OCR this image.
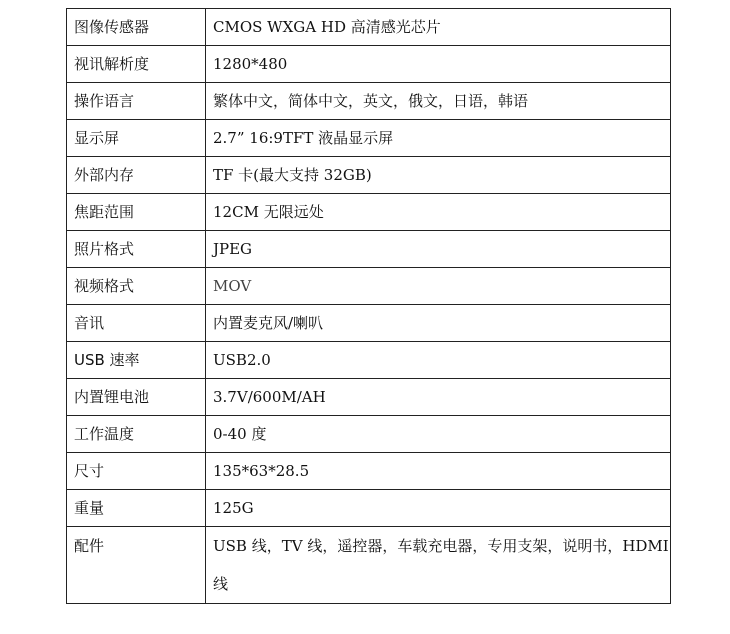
图像传感器	CMOS WXGA HD 高清感光芯片
视讯解析度	1280*480
操作语言	繁体中文，简体中文，英文，俄文，日语，韩语
显示屏	2.7” 16:9TFT 液晶显示屏
外部内存	TF 卡(最大支持 32GB)
焦距范围	12CM 无限远处
照片格式	JPEG
视频格式	MOV
音讯	内置麦克风/喇叭
USB 速率	USB2.0
内置锂电池	3.7V/600M/AH
工作温度	0-40 度
尺寸	135*63*28.5
重量	125G
配件	USB 线，TV 线，遥控器，车载充电器，专用支架，说明书，HDMI 线
